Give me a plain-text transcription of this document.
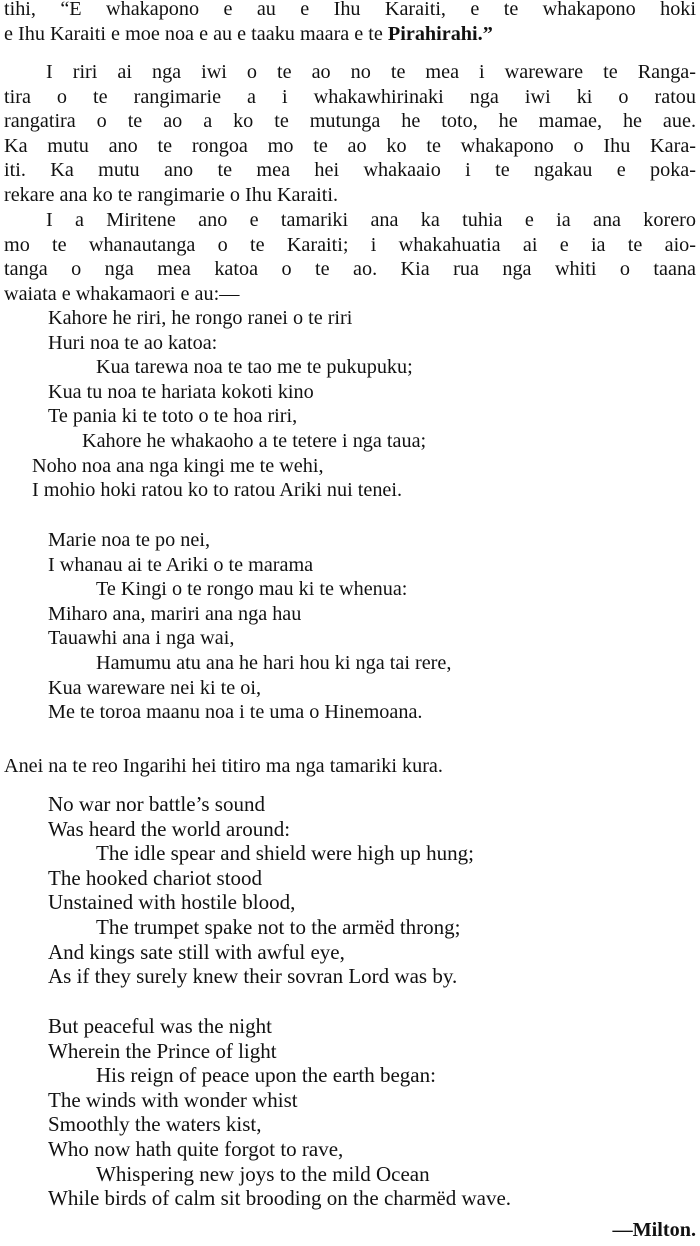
tihi, “E whakapono e au e Ihu Karaiti, e te whakapono hoki
e Ihu Karaiti e moe noa e au e taaku maara e te Pirahirahi.”
I riri ai nga iwi o te ao no te mea i wareware te Ranga-
tira o te rangimarie a i whakawhirinaki nga iwi ki o ratou
rangatira o te ao a ko te mutunga he toto, he mamae, he aue.
Ka mutu ano te rongoa mo te ao ko te whakapono o Ihu Kara-
iti. Ka mutu ano te mea hei whakaaio i te ngakau e poka-
rekare ana ko te rangimarie o Ihu Karaiti.
I a Miritene ano e tamariki ana ka tuhia e ia ana korero
mo te whanautanga o te Karaiti; i whakahuatia ai e ia te aio-
tanga o nga mea katoa o te ao. Kia rua nga whiti o taana
waiata e whakamaori e au:—
Kahore he riri, he rongo ranei o te riri
Huri noa te ao katoa:
Kua tarewa noa te tao me te pukupuku;
Kua tu noa te hariata kokoti kino
Te pania ki te toto o te hoa riri,
Kahore he whakaoho a te tetere i nga taua;
Noho noa ana nga kingi me te wehi,
I mohio hoki ratou ko to ratou Ariki nui tenei.
Marie noa te po nei,
I whanau ai te Ariki o te marama
Te Kingi o te rongo mau ki te whenua:
Miharo ana, mariri ana nga hau
Tauawhi ana i nga wai,
Hamumu atu ana he hari hou ki nga tai rere,
Kua wareware nei ki te oi,
Me te toroa maanu noa i te uma o Hinemoana.

Anei na te reo Ingarihi hei titiro ma nga tamariki kura.

No war nor battle’s sound
Was heard the world around:
The idle spear and shield were high up hung;
The hooked chariot stood
Unstained with hostile blood,
The trumpet spake not to the armëd throng;
And kings sate still with awful eye,
As if they surely knew their sovran Lord was by.
But peaceful was the night
Wherein the Prince of light
His reign of peace upon the earth began:
The winds with wonder whist
Smoothly the waters kist,
Who now hath quite forgot to rave,
Whispering new joys to the mild Ocean
While birds of calm sit brooding on the charmëd wave.

—Milton.
